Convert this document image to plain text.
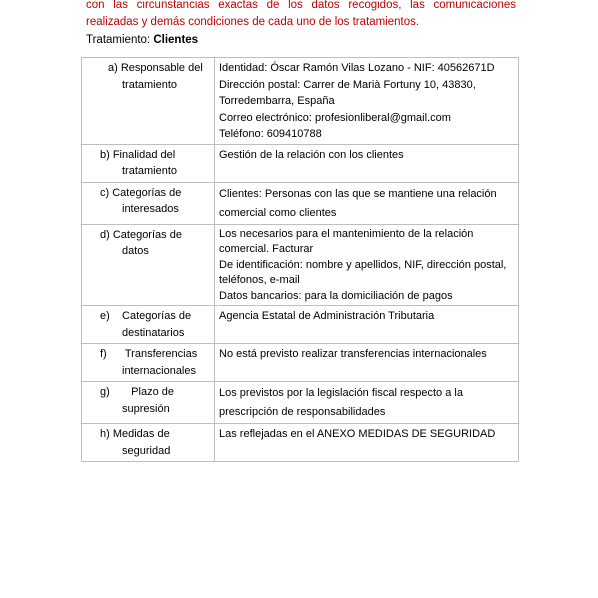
con las circunstancias exactas de los datos recogidos, las comunicaciones realizadas y demás condiciones de cada uno de los tratamientos.
Tratamiento: Clientes
a) Responsable del
tratamiento	Identidad: Óscar Ramón Vilas Lozano - NIF: 40562671D
Dirección postal: Carrer de Marià Fortuny 10, 43830,
Torredembarra, España
Correo electrónico: profesionliberal@gmail.com
Teléfono: 609410788

b) Finalidad del
tratamiento	Gestión de la relación con los clientes

c) Categorías de
interesados	Clientes: Personas con las que se mantiene una relación
comercial como clientes

d) Categorías de
datos	Los necesarios para el mantenimiento de la relación
comercial. Facturar
De identificación: nombre y apellidos, NIF, dirección postal,
teléfonos, e-mail
Datos bancarios: para la domiciliación de pagos

e)    Categorías de
destinatarios	Agencia Estatal de Administración Tributaria

f)      Transferencias
internacionales	No está previsto realizar transferencias internacionales

g)       Plazo de
supresión	Los previstos por la legislación fiscal respecto a la
prescripción de responsabilidades

h) Medidas de
seguridad	Las reflejadas en el ANEXO MEDIDAS DE SEGURIDAD
